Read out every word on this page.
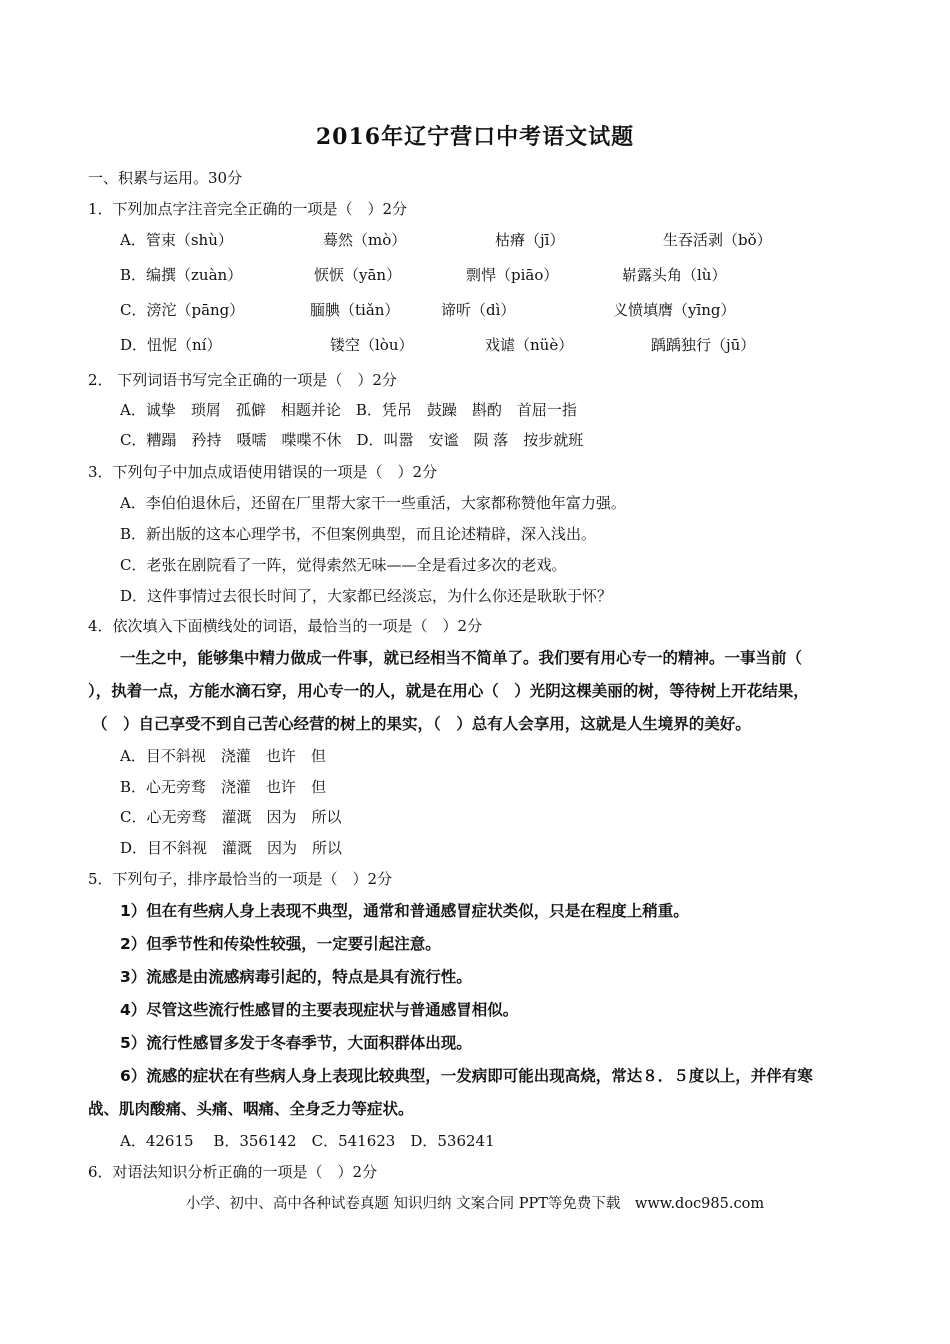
2016年辽宁营口中考语文试题
一、积累与运用。30分
1．下列加点字注音完全正确的一项是（　）2分
A．管束（shù）	蓦然（mò）	枯瘠（jī）	生吞活剥（bǒ）
B．编撰（zuàn）	恹恹（yān）	剽悍（piāo）	崭露头角（lù）
C．滂沱（pāng）	腼腆（tiǎn）	谛听（dì）	义愤填膺（yīng）
D．忸怩（ní）	镂空（lòu）	戏谑（nüè）	踽踽独行（jū）
2． 下列词语书写完全正确的一项是（　）2分
A．诚挚　琐屑　孤僻　相题并论　B．凭吊　鼓躁　斟酌　首屈一指
C．糟蹋　矜持　嗫嚅　喋喋不休　D．叫嚣　安谧　陨 落　按步就班
3．下列句子中加点成语使用错误的一项是（　）2分
A．李伯伯退休后，还留在厂里帮大家干一些重活，大家都称赞他年富力强。
B．新出版的这本心理学书，不但案例典型，而且论述精辟，深入浅出。
C．老张在剧院看了一阵，觉得索然无味——全是看过多次的老戏。
D．这件事情过去很长时间了，大家都已经淡忘，为什么你还是耿耿于怀？
4．依次填入下面横线处的词语，最恰当的一项是（　）2分
一生之中，能够集中精力做成一件事，就已经相当不简单了。我们要有用心专一的精神。一事当前（
），执着一点，方能水滴石穿，用心专一的人，就是在用心（　）光阴这棵美丽的树，等待树上开花结果，
（　）自己享受不到自己苦心经营的树上的果实，（　）总有人会享用，这就是人生境界的美好。
A．目不斜视　浇灌　也许　但
B．心无旁骛　浇灌　也许　但
C．心无旁骛　灌溉　因为　所以
D．目不斜视　灌溉　因为　所以
5．下列句子，排序最恰当的一项是（　）2分
1）但在有些病人身上表现不典型，通常和普通感冒症状类似，只是在程度上稍重。
2）但季节性和传染性较强，一定要引起注意。
3）流感是由流感病毒引起的，特点是具有流行性。
4）尽管这些流行性感冒的主要表现症状与普通感冒相似。
5）流行性感冒多发于冬春季节，大面积群体出现。
6）流感的症状在有些病人身上表现比较典型，一发病即可能出现高烧，常达８．５度以上，并伴有寒
战、肌肉酸痛、头痛、咽痛、全身乏力等症状。
A．42615　 B．356142　C．541623　D．536241
6．对语法知识分析正确的一项是（　）2分
小学、初中、高中各种试卷真题 知识归纳 文案合同 PPT等免费下载　www.doc985.com
